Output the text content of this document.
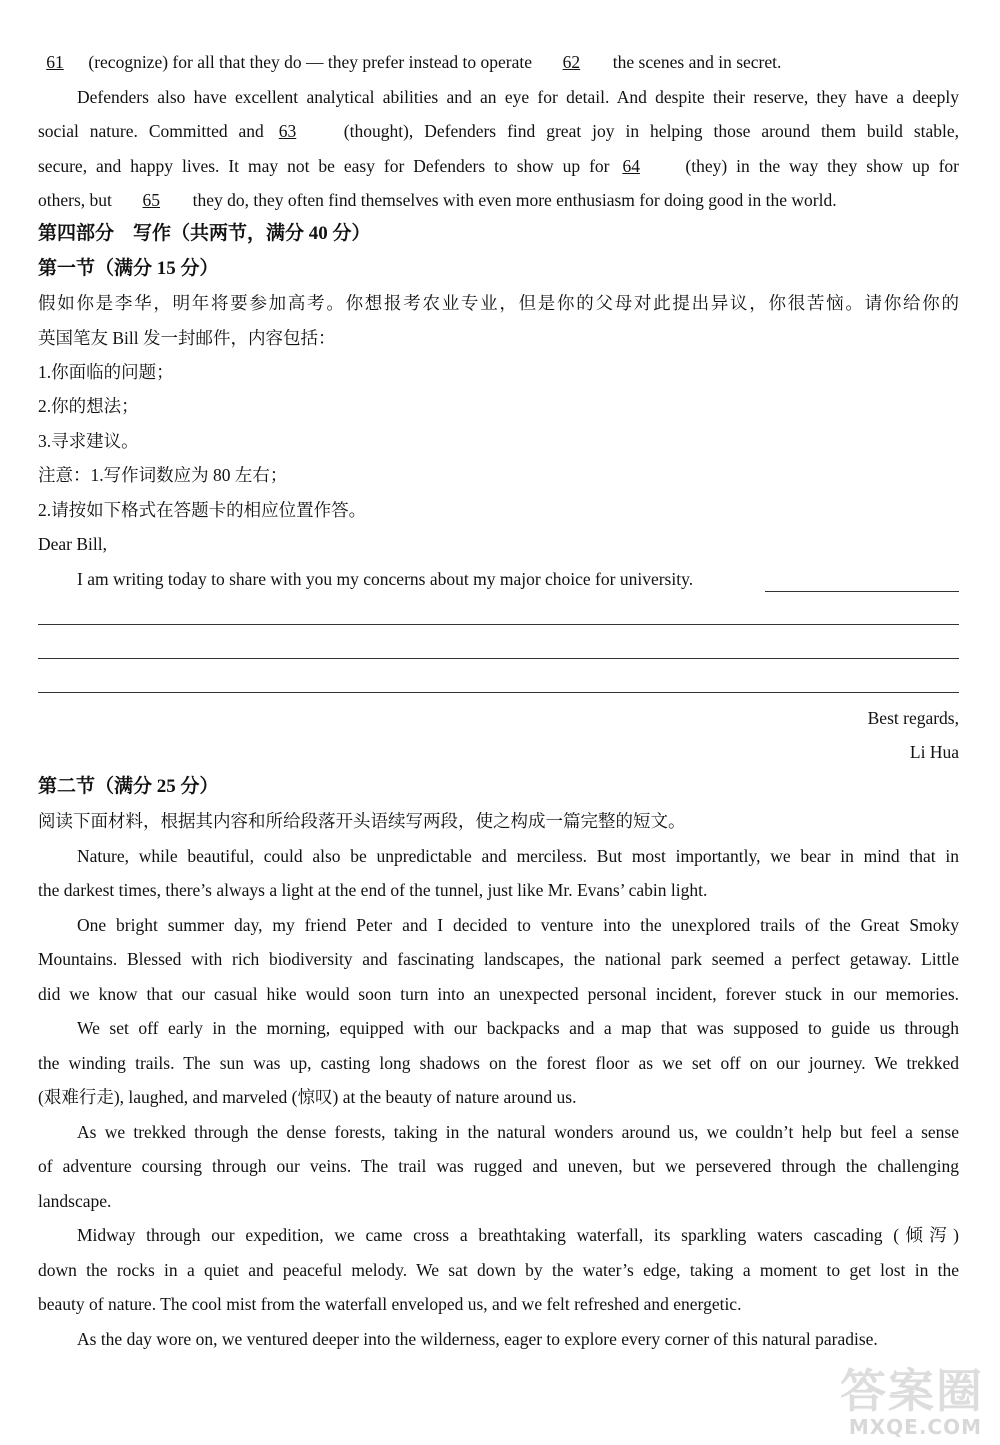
61 (recognize) for all that they do — they prefer instead to operate 62 the scenes and in secret.
Defenders also have excellent analytical abilities and an eye for detail. And despite their reserve, they have a deeply
social nature. Committed and 63	(thought), Defenders find great joy in helping those around them build stable,
secure, and happy lives. It may not be easy for Defenders to show up for 64	(they) in the way they show up for
others, but 65 they do, they often find themselves with even more enthusiasm for doing good in the world.
第四部分　写作（共两节，满分 40 分）
第一节（满分 15 分）
假如你是李华，明年将要参加高考。你想报考农业专业，但是你的父母对此提出异议，你很苦恼。请你给你的
英国笔友 Bill 发一封邮件，内容包括：
1.你面临的问题；
2.你的想法；
3.寻求建议。
注意：1.写作词数应为 80 左右；
2.请按如下格式在答题卡的相应位置作答。
Dear Bill,
I am writing today to share with you my concerns about my major choice for university.
Best regards,
Li Hua
第二节（满分 25 分）
阅读下面材料，根据其内容和所给段落开头语续写两段，使之构成一篇完整的短文。
Nature, while beautiful, could also be unpredictable and merciless. But most importantly, we bear in mind that in
the darkest times, there’s always a light at the end of the tunnel, just like Mr. Evans’ cabin light.
One bright summer day, my friend Peter and I decided to venture into the unexplored trails of the Great Smoky
Mountains. Blessed with rich biodiversity and fascinating landscapes, the national park seemed a perfect getaway. Little
did we know that our casual hike would soon turn into an unexpected personal incident, forever stuck in our memories.
We set off early in the morning, equipped with our backpacks and a map that was supposed to guide us through
the winding trails. The sun was up, casting long shadows on the forest floor as we set off on our journey. We trekked
(艰难行走), laughed, and marveled (惊叹) at the beauty of nature around us.
As we trekked through the dense forests, taking in the natural wonders around us, we couldn’t help but feel a sense
of adventure coursing through our veins. The trail was rugged and uneven, but we persevered through the challenging
landscape.
Midway through our expedition, we came cross a breathtaking waterfall, its sparkling waters cascading (倾泻)
down the rocks in a quiet and peaceful melody. We sat down by the water’s edge, taking a moment to get lost in the
beauty of nature. The cool mist from the waterfall enveloped us, and we felt refreshed and energetic.
As the day wore on, we ventured deeper into the wilderness, eager to explore every corner of this natural paradise.
答案圈
MXQE.COM
